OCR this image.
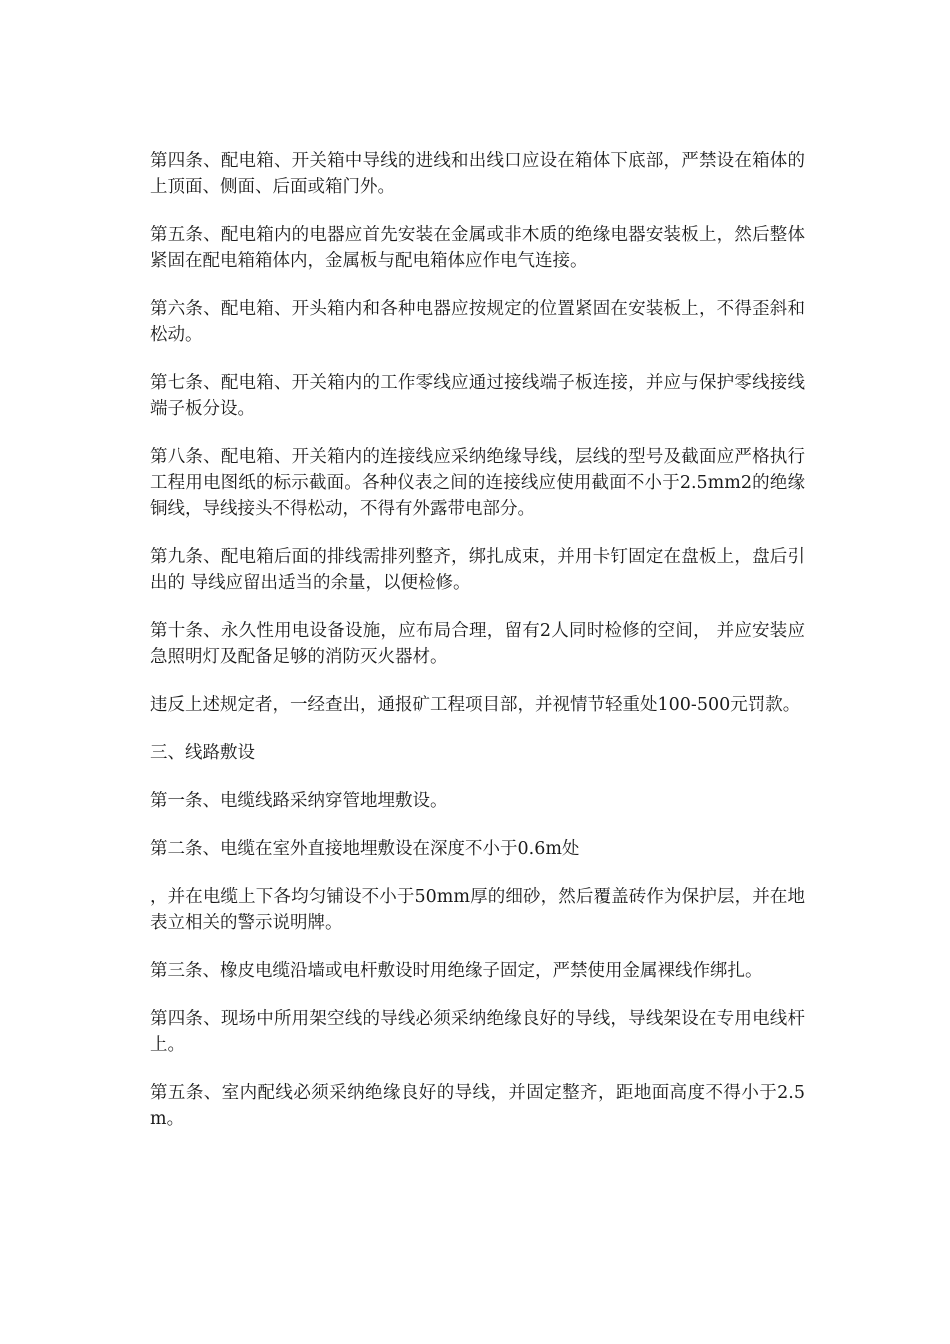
第四条、配电箱、开关箱中导线的进线和出线口应设在箱体下底部，严禁设在箱体的上顶面、侧面、后面或箱门外。

第五条、配电箱内的电器应首先安装在金属或非木质的绝缘电器安装板上，然后整体紧固在配电箱箱体内，金属板与配电箱体应作电气连接。

第六条、配电箱、开头箱内和各种电器应按规定的位置紧固在安装板上，不得歪斜和松动。

第七条、配电箱、开关箱内的工作零线应通过接线端子板连接，并应与保护零线接线端子板分设。

第八条、配电箱、开关箱内的连接线应采纳绝缘导线，层线的型号及截面应严格执行工程用电图纸的标示截面。各种仪表之间的连接线应使用截面不小于2.5mm2的绝缘铜线，导线接头不得松动，不得有外露带电部分。

第九条、配电箱后面的排线需排列整齐，绑扎成束，并用卡钉固定在盘板上，盘后引出的 导线应留出适当的余量，以便检修。

第十条、永久性用电设备设施，应布局合理，留有2人同时检修的空间， 并应安装应急照明灯及配备足够的消防灭火器材。

违反上述规定者，一经查出，通报矿工程项目部，并视情节轻重处100-500元罚款。

三、线路敷设

第一条、电缆线路采纳穿管地埋敷设。

第二条、电缆在室外直接地埋敷设在深度不小于0.6m处

，并在电缆上下各均匀铺设不小于50mm厚的细砂，然后覆盖砖作为保护层，并在地表立相关的警示说明牌。

第三条、橡皮电缆沿墙或电杆敷设时用绝缘子固定，严禁使用金属裸线作绑扎。

第四条、现场中所用架空线的导线必须采纳绝缘良好的导线，导线架设在专用电线杆上。

第五条、室内配线必须采纳绝缘良好的导线，并固定整齐，距地面高度不得小于2.5m。
